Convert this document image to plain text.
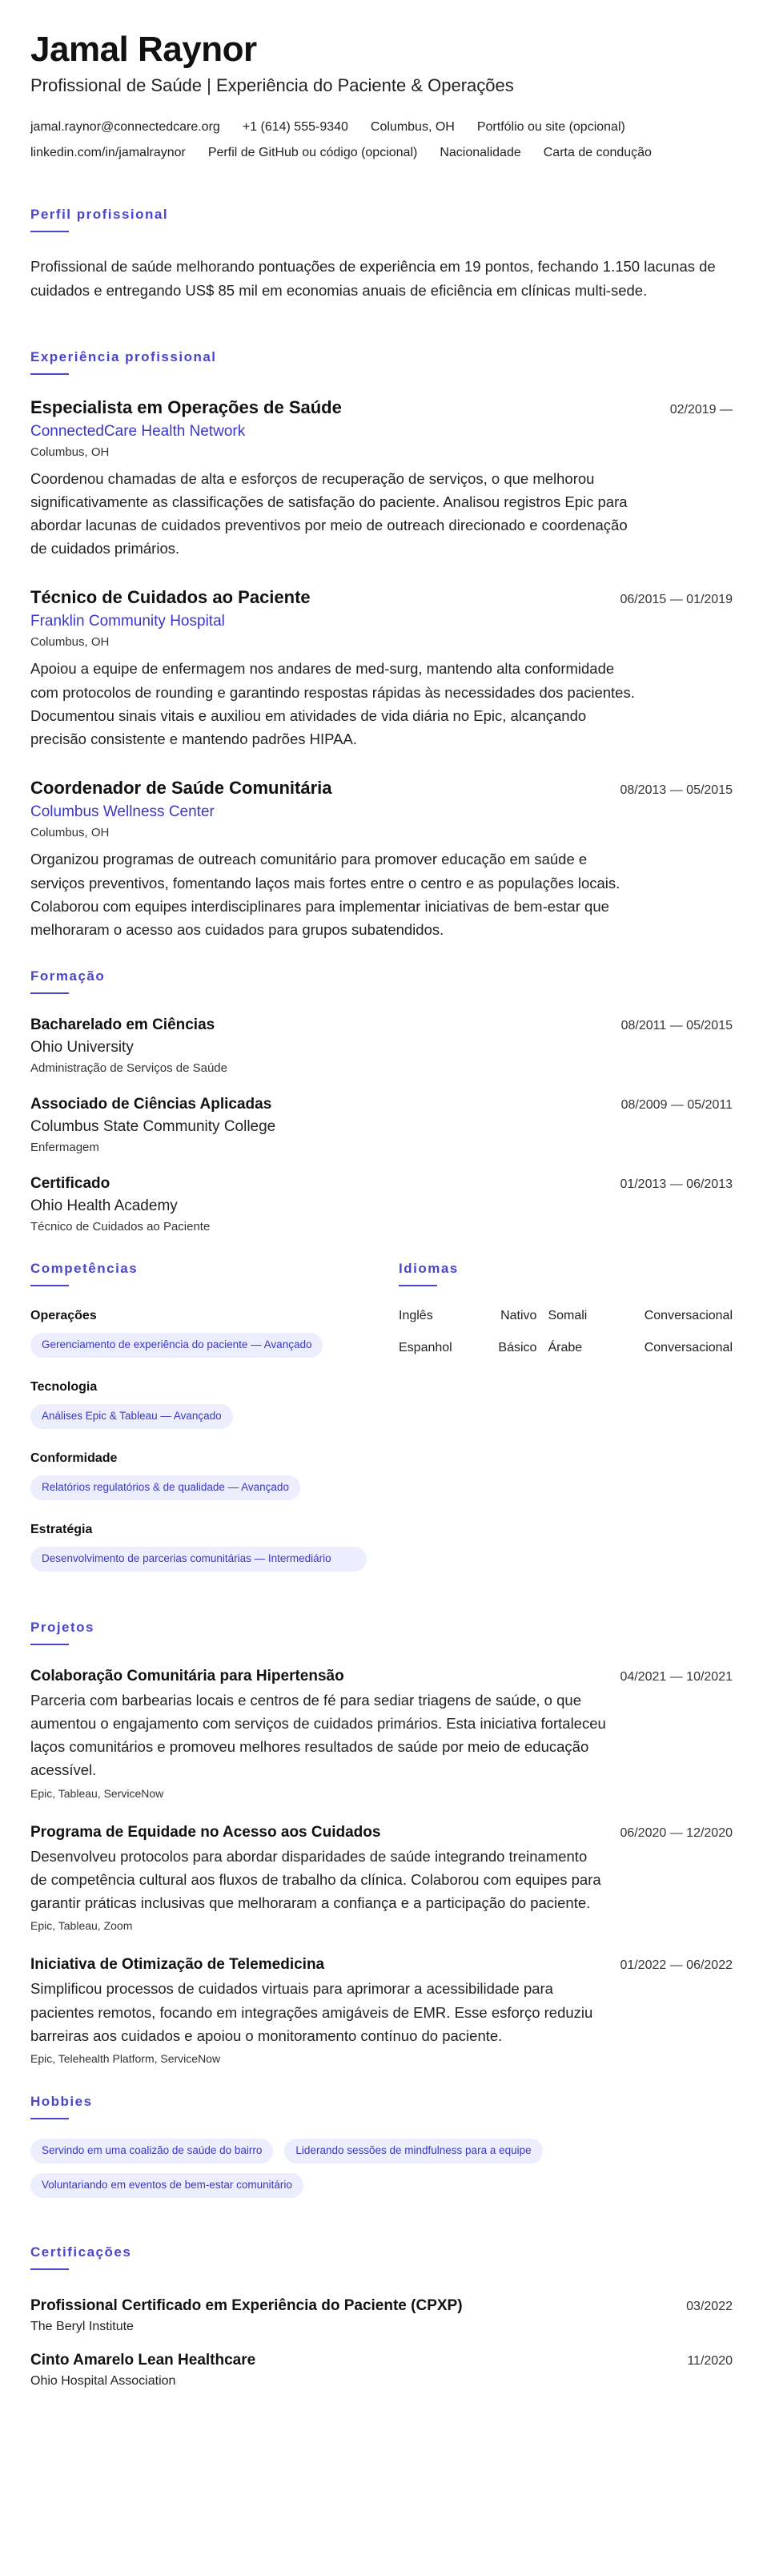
Jamal Raynor
Profissional de Saúde | Experiência do Paciente & Operações
jamal.raynor@connectedcare.org +1 (614) 555-9340 Columbus, OH Portfólio ou site (opcional)
linkedin.com/in/jamalraynor Perfil de GitHub ou código (opcional) Nacionalidade Carta de condução
Perfil profissional

Profissional de saúde melhorando pontuações de experiência em 19 pontos, fechando 1.150 lacunas de cuidados e entregando US$ 85 mil em economias anuais de eficiência em clínicas multi-sede.

Experiência profissional
Especialista em Operações de Saúde	02/2019 —
ConnectedCare Health Network
Columbus, OH

Coordenou chamadas de alta e esforços de recuperação de serviços, o que melhorou significativamente as classificações de satisfação do paciente. Analisou registros Epic para abordar lacunas de cuidados preventivos por meio de outreach direcionado e coordenação de cuidados primários.

Técnico de Cuidados ao Paciente	06/2015 — 01/2019
Franklin Community Hospital
Columbus, OH

Apoiou a equipe de enfermagem nos andares de med-surg, mantendo alta conformidade com protocolos de rounding e garantindo respostas rápidas às necessidades dos pacientes. Documentou sinais vitais e auxiliou em atividades de vida diária no Epic, alcançando precisão consistente e mantendo padrões HIPAA.

Coordenador de Saúde Comunitária	08/2013 — 05/2015
Columbus Wellness Center
Columbus, OH

Organizou programas de outreach comunitário para promover educação em saúde e serviços preventivos, fomentando laços mais fortes entre o centro e as populações locais. Colaborou com equipes interdisciplinares para implementar iniciativas de bem-estar que melhoraram o acesso aos cuidados para grupos subatendidos.

Formação
Bacharelado em Ciências	08/2011 — 05/2015
Ohio University
Administração de Serviços de Saúde
Associado de Ciências Aplicadas	08/2009 — 05/2011
Columbus State Community College
Enfermagem
Certificado	01/2013 — 06/2013
Ohio Health Academy
Técnico de Cuidados ao Paciente
Competências
Operações
Gerenciamento de experiência do paciente — Avançado
Tecnologia
Análises Epic & Tableau — Avançado
Conformidade
Relatórios regulatórios & de qualidade — Avançado
Estratégia
Desenvolvimento de parcerias comunitárias — Intermediário
Idiomas
Inglês	Nativo	Somali	Conversacional
Espanhol	Básico	Árabe	Conversacional
Projetos
Colaboração Comunitária para Hipertensão	04/2021 — 10/2021

Parceria com barbearias locais e centros de fé para sediar triagens de saúde, o que aumentou o engajamento com serviços de cuidados primários. Esta iniciativa fortaleceu laços comunitários e promoveu melhores resultados de saúde por meio de educação acessível.

Epic, Tableau, ServiceNow
Programa de Equidade no Acesso aos Cuidados	06/2020 — 12/2020

Desenvolveu protocolos para abordar disparidades de saúde integrando treinamento de competência cultural aos fluxos de trabalho da clínica. Colaborou com equipes para garantir práticas inclusivas que melhoraram a confiança e a participação do paciente.

Epic, Tableau, Zoom
Iniciativa de Otimização de Telemedicina	01/2022 — 06/2022

Simplificou processos de cuidados virtuais para aprimorar a acessibilidade para pacientes remotos, focando em integrações amigáveis de EMR. Esse esforço reduziu barreiras aos cuidados e apoiou o monitoramento contínuo do paciente.

Epic, Telehealth Platform, ServiceNow
Hobbies
Servindo em uma coalizão de saúde do bairro	Liderando sessões de mindfulness para a equipe
Voluntariando em eventos de bem-estar comunitário
Certificações
Profissional Certificado em Experiência do Paciente (CPXP)	03/2022
The Beryl Institute
Cinto Amarelo Lean Healthcare	11/2020
Ohio Hospital Association
